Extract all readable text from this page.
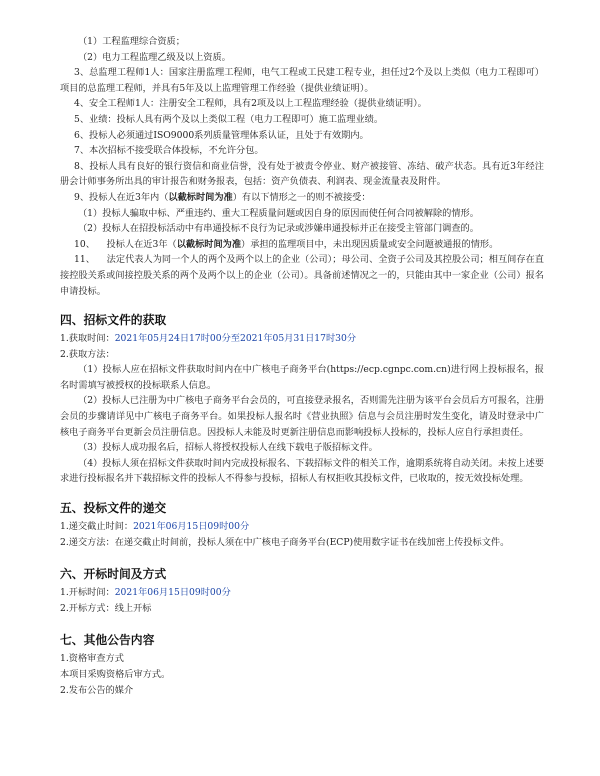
（1）工程监理综合资质；

（2）电力工程监理乙级及以上资质。

3、总监理工程师1人：国家注册监理工程师，电气工程或工民建工程专业，担任过2个及以上类似（电力工程即可）项目的总监理工程师，并具有5年及以上监理管理工作经验（提供业绩证明）。

4、安全工程师1人：注册安全工程师，具有2项及以上工程监理经验（提供业绩证明）。

5、业绩：投标人具有两个及以上类似工程（电力工程即可）施工监理业绩。

6、投标人必须通过ISO9000系列质量管理体系认证，且处于有效期内。

7、本次招标不接受联合体投标，不允许分包。

8、投标人具有良好的银行资信和商业信誉，没有处于被责令停业、财产被接管、冻结、破产状态。具有近3年经注册会计师事务所出具的审计报告和财务报表，包括：资产负债表、利润表、现金流量表及附件。

9、投标人在近3年内（以截标时间为准）有以下情形之一的则不被接受：

（1）投标人骗取中标、严重违约、重大工程质量问题或因自身的原因而使任何合同被解除的情形。

（2）投标人在招投标活动中有串通投标不良行为记录或涉嫌串通投标并正在接受主管部门调查的。

10、    投标人在近3年（以截标时间为准）承担的监理项目中，未出现因质量或安全问题被通报的情形。

11、    法定代表人为同一个人的两个及两个以上的企业（公司）；母公司、全资子公司及其控股公司；相互间存在直接控股关系或间接控股关系的两个及两个以上的企业（公司）。具备前述情况之一的，只能由其中一家企业（公司）报名申请投标。

四、招标文件的获取

1.获取时间：2021年05月24日17时00分至2021年05月31日17时30分

2.获取方法：

（1）投标人应在招标文件获取时间内在中广核电子商务平台(https://ecp.cgnpc.com.cn)进行网上投标报名，报名时需填写被授权的投标联系人信息。

（2）投标人已注册为中广核电子商务平台会员的，可直接登录报名，否则需先注册为该平台会员后方可报名，注册会员的步骤请详见中广核电子商务平台。如果投标人报名时《营业执照》信息与会员注册时发生变化，请及时登录中广核电子商务平台更新会员注册信息。因投标人未能及时更新注册信息而影响投标人投标的，投标人应自行承担责任。

（3）投标人成功报名后，招标人将授权投标人在线下载电子版招标文件。

（4）投标人须在招标文件获取时间内完成投标报名、下载招标文件的相关工作，逾期系统将自动关闭。未按上述要求进行投标报名并下载招标文件的投标人不得参与投标，招标人有权拒收其投标文件，已收取的，按无效投标处理。

五、投标文件的递交

1.递交截止时间：2021年06月15日09时00分

2.递交方法：在递交截止时间前，投标人须在中广核电子商务平台(ECP)使用数字证书在线加密上传投标文件。

六、开标时间及方式

1.开标时间：2021年06月15日09时00分

2.开标方式：线上开标

七、其他公告内容

1.资格审查方式

本项目采购资格后审方式。

2.发布公告的媒介
